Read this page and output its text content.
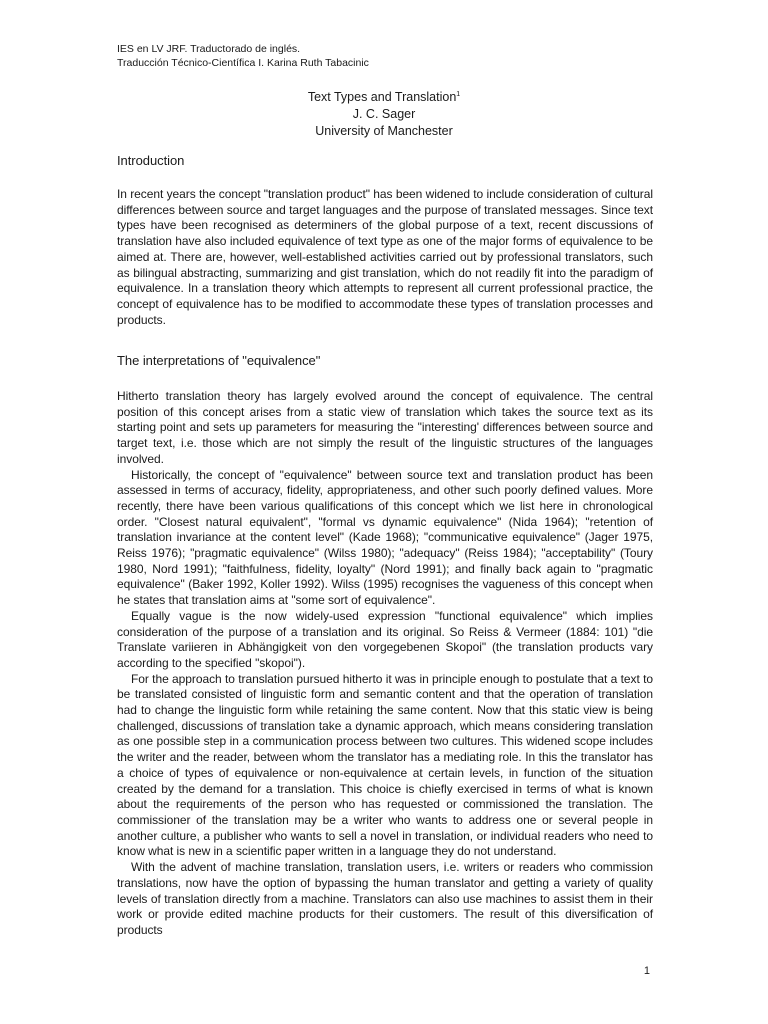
IES en LV JRF. Traductorado de inglés.
Traducción Técnico-Científica I. Karina Ruth Tabacinic
Text Types and Translation$^1$
J. C. Sager
University of Manchester
Introduction

In recent years the concept "translation product" has been widened to include consideration of cultural differences between source and target languages and the purpose of translated messages. Since text types have been recognised as determiners of the global purpose of a text, recent discussions of translation have also included equivalence of text type as one of the major forms of equivalence to be aimed at. There are, however, well-established activities carried out by professional translators, such as bilingual abstracting, summarizing and gist translation, which do not readily fit into the paradigm of equivalence. In a translation theory which attempts to represent all current professional practice, the concept of equivalence has to be modified to accommodate these types of translation processes and products.

The interpretations of "equivalence"

Hitherto translation theory has largely evolved around the concept of equivalence. The central position of this concept arises from a static view of translation which takes the source text as its starting point and sets up parameters for measuring the "interesting' differences between source and target text, i.e. those which are not simply the result of the linguistic structures of the languages involved.

Historically, the concept of "equivalence" between source text and translation product has been assessed in terms of accuracy, fidelity, appropriateness, and other such poorly defined values. More recently, there have been various qualifications of this concept which we list here in chronological order. "Closest natural equivalent", "formal vs dynamic equivalence" (Nida 1964); "retention of translation invariance at the content level" (Kade 1968); "communicative equivalence" (Jager 1975, Reiss 1976); "pragmatic equivalence" (Wilss 1980); "adequacy" (Reiss 1984); "acceptability" (Toury 1980, Nord 1991); "faithfulness, fidelity, loyalty" (Nord 1991); and finally back again to "pragmatic equivalence" (Baker 1992, Koller 1992). Wilss (1995) recognises the vagueness of this concept when he states that translation aims at "some sort of equivalence".

Equally vague is the now widely-used expression "functional equivalence" which implies consideration of the purpose of a translation and its original. So Reiss & Vermeer (1884: 101) "die Translate variieren in Abhängigkeit von den vorgegebenen Skopoi" (the translation products vary according to the specified "skopoi").

For the approach to translation pursued hitherto it was in principle enough to postulate that a text to be translated consisted of linguistic form and semantic content and that the operation of translation had to change the linguistic form while retaining the same content. Now that this static view is being challenged, discussions of translation take a dynamic approach, which means considering translation as one possible step in a communication process between two cultures. This widened scope includes the writer and the reader, between whom the translator has a mediating role. In this the translator has a choice of types of equivalence or non-equivalence at certain levels, in function of the situation created by the demand for a translation. This choice is chiefly exercised in terms of what is known about the requirements of the person who has requested or commissioned the translation. The commissioner of the translation may be a writer who wants to address one or several people in another culture, a publisher who wants to sell a novel in translation, or individual readers who need to know what is new in a scientific paper written in a language they do not understand.

With the advent of machine translation, translation users, i.e. writers or readers who commission translations, now have the option of bypassing the human translator and getting a variety of quality levels of translation directly from a machine. Translators can also use machines to assist them in their work or provide edited machine products for their customers. The result of this diversification of products

1
